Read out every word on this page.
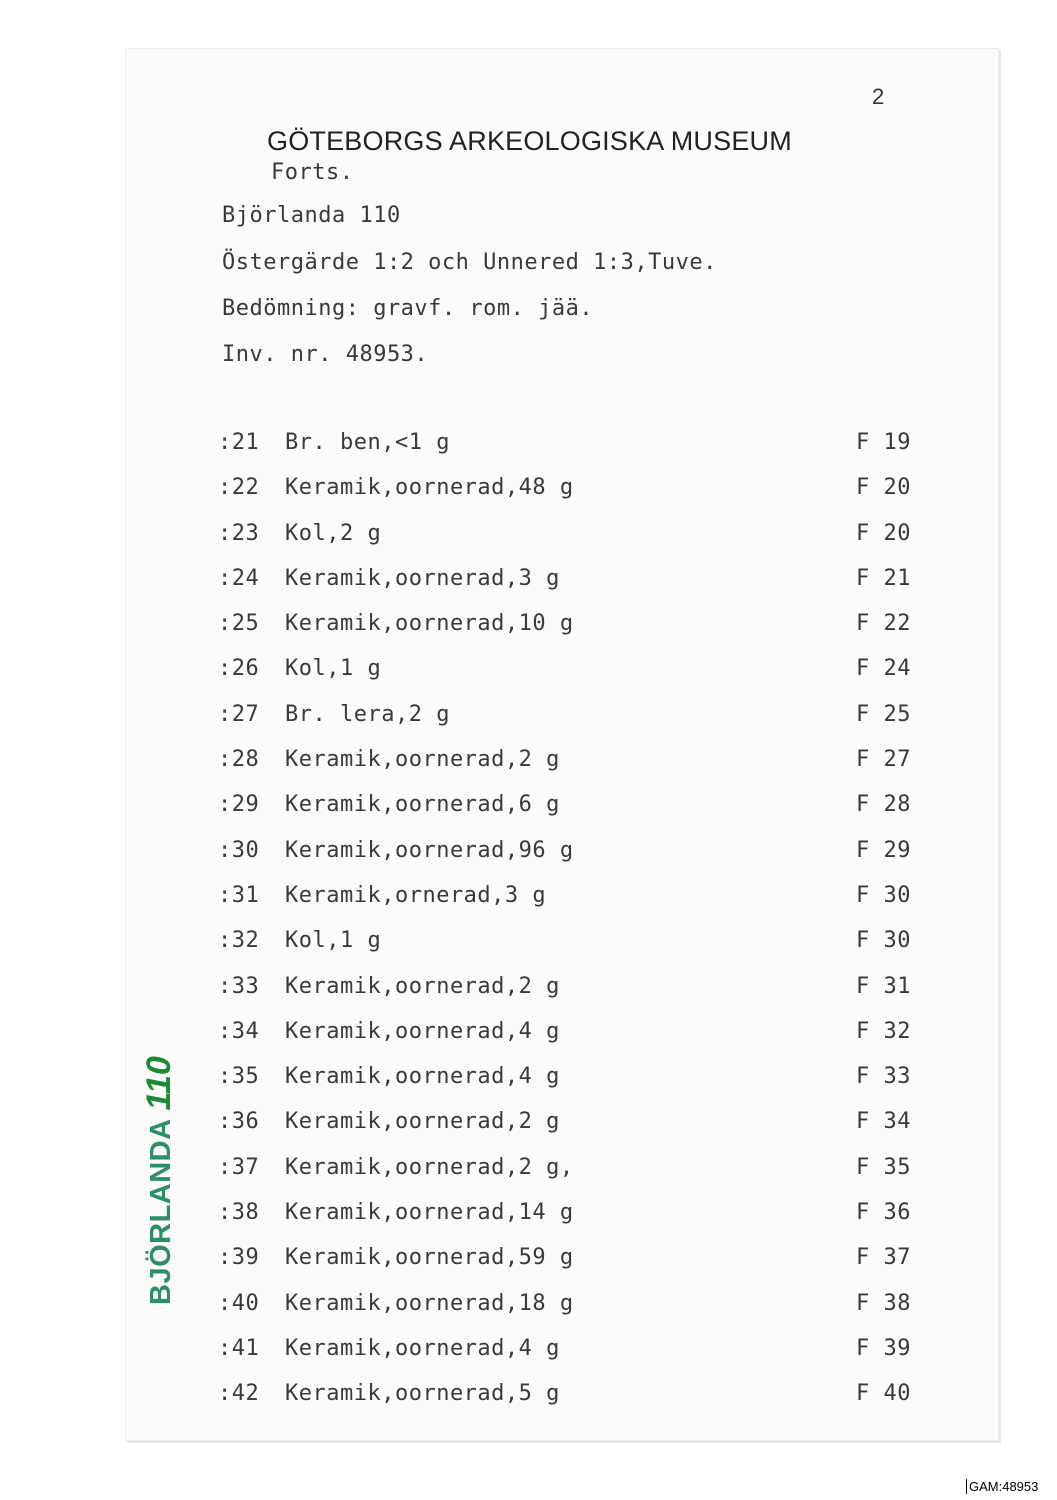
2
GÖTEBORGS ARKEOLOGISKA MUSEUM
Forts.
Björlanda 110
Östergärde 1:2 och Unnered 1:3,Tuve.
Bedömning: gravf. rom. jää.
Inv. nr. 48953.
:21 Br. ben,<1 g	F 19
:22 Keramik,oornerad,48 g	F 20
:23 Kol,2 g	F 20
:24 Keramik,oornerad,3 g	F 21
:25 Keramik,oornerad,10 g	F 22
:26 Kol,1 g	F 24
:27 Br. lera,2 g	F 25
:28 Keramik,oornerad,2 g	F 27
:29 Keramik,oornerad,6 g	F 28
:30 Keramik,oornerad,96 g	F 29
:31 Keramik,ornerad,3 g	F 30
:32 Kol,1 g	F 30
:33 Keramik,oornerad,2 g	F 31
:34 Keramik,oornerad,4 g	F 32
:35 Keramik,oornerad,4 g	F 33
:36 Keramik,oornerad,2 g	F 34
:37 Keramik,oornerad,2 g,	F 35
:38 Keramik,oornerad,14 g	F 36
:39 Keramik,oornerad,59 g	F 37
:40 Keramik,oornerad,18 g	F 38
:41 Keramik,oornerad,4 g	F 39
:42 Keramik,oornerad,5 g	F 40
BJÖRLANDA
110
GAM:48953
